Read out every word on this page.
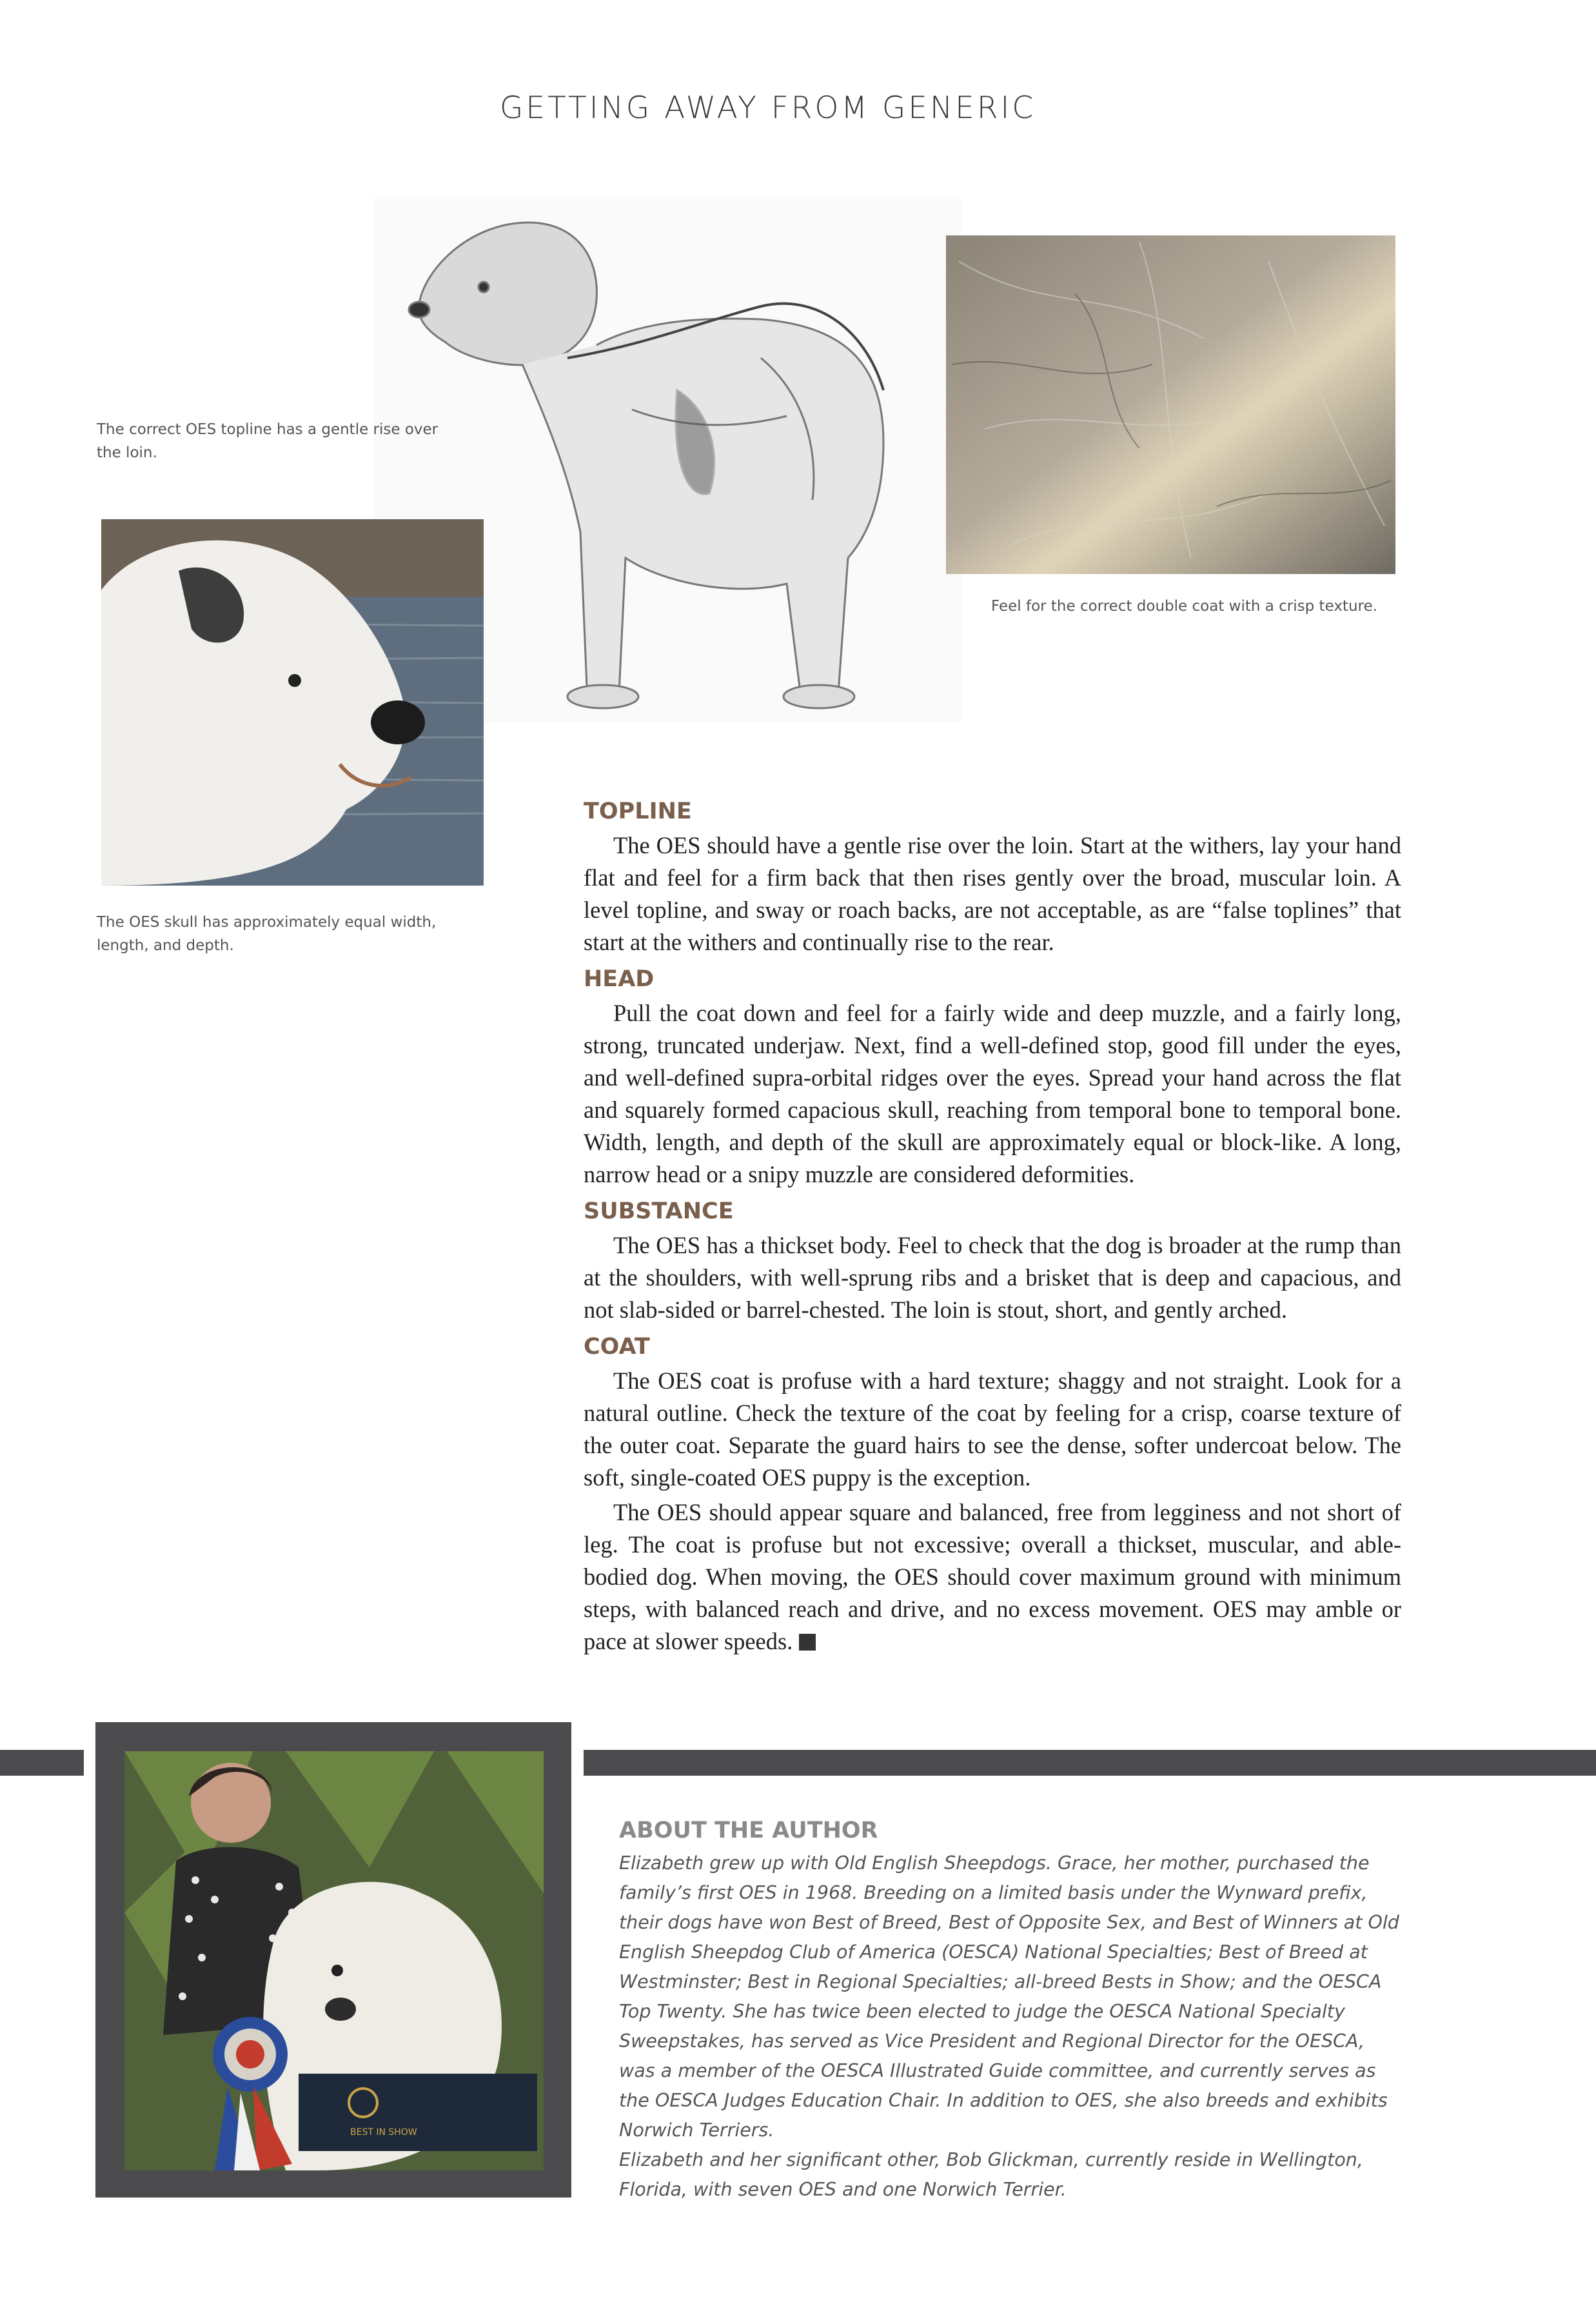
GETTING AWAY FROM GENERIC
The correct OES topline has a gentle rise over the loin.
The OES skull has approximately equal width, length, and depth.
Feel for the correct double coat with a crisp texture.
TOPLINE

The OES should have a gentle rise over the loin. Start at the withers, lay your hand flat and feel for a firm back that then rises gently over the broad, muscular loin. A level topline, and sway or roach backs, are not acceptable, as are “false toplines” that start at the withers and continually rise to the rear.

HEAD

Pull the coat down and feel for a fairly wide and deep muzzle, and a fairly long, strong, truncated underjaw. Next, find a well-defined stop, good fill under the eyes, and well-defined supra-orbital ridges over the eyes. Spread your hand across the flat and squarely formed capacious skull, reaching from temporal bone to temporal bone. Width, length, and depth of the skull are approximately equal or block-like. A long, narrow head or a snipy muzzle are considered deformities.

SUBSTANCE

The OES has a thickset body. Feel to check that the dog is broader at the rump than at the shoulders, with well-sprung ribs and a brisket that is deep and capacious, and not slab-sided or barrel-chested. The loin is stout, short, and gently arched.

COAT

The OES coat is profuse with a hard texture; shaggy and not straight. Look for a natural outline. Check the texture of the coat by feeling for a crisp, coarse texture of the outer coat. Separate the guard hairs to see the dense, softer undercoat below. The soft, single-coated OES puppy is the exception.

The OES should appear square and balanced, free from legginess and not short of leg. The coat is profuse but not excessive; overall a thickset, muscular, and able-bodied dog. When moving, the OES should cover maximum ground with minimum steps, with balanced reach and drive, and no excess movement. OES may amble or pace at slower speeds.

BEST IN SHOW
ABOUT THE AUTHOR

Elizabeth grew up with Old English Sheepdogs. Grace, her mother, purchased the family’s first OES in 1968. Breeding on a limited basis under the Wynward prefix, their dogs have won Best of Breed, Best of Opposite Sex, and Best of Winners at Old English Sheepdog Club of America (OESCA) National Specialties; Best of Breed at Westminster; Best in Regional Specialties; all-breed Bests in Show; and the OESCA Top Twenty. She has twice been elected to judge the OESCA National Specialty Sweepstakes, has served as Vice President and Regional Director for the OESCA, was a member of the OESCA Illustrated Guide committee, and currently serves as the OESCA Judges Education Chair. In addition to OES, she also breeds and exhibits Norwich Terriers.

Elizabeth and her significant other, Bob Glickman, currently reside in Wellington, Florida, with seven OES and one Norwich Terrier.
